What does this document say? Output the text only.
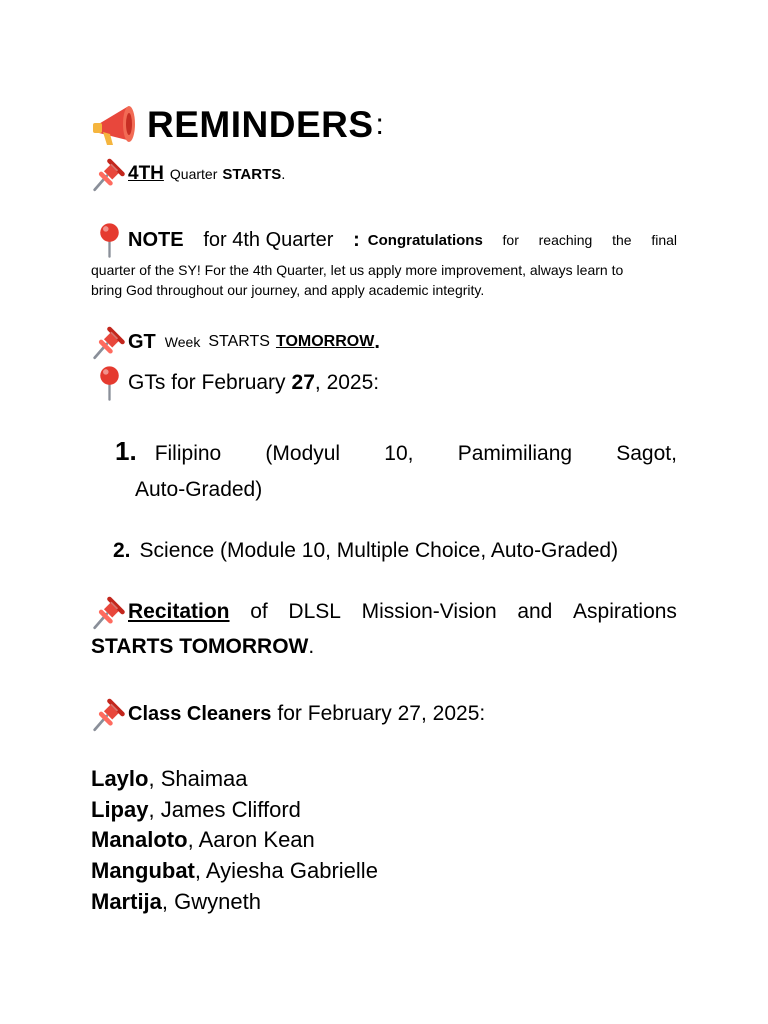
REMINDERS :
4TH Quarter STARTS .
NOTE for 4th Quarter : Congratulations for reaching the final
quarter of the SY! For the 4th Quarter, let us apply more improvement, always learn to
bring God throughout our journey, and apply academic integrity.
GT Week STARTS TOMORROW .
GTs for February 27 , 2025:
1. Filipino (Modyul 10, Pamimiliang Sagot,
Auto-Graded)
2. Science (Module 10, Multiple Choice, Auto-Graded)
Recitation of DLSL Mission-Vision and Aspirations
STARTS TOMORROW .
Class Cleaners for February 27, 2025:
Laylo, Shaimaa
Lipay, James Clifford
Manaloto, Aaron Kean
Mangubat, Ayiesha Gabrielle
Martija, Gwyneth
